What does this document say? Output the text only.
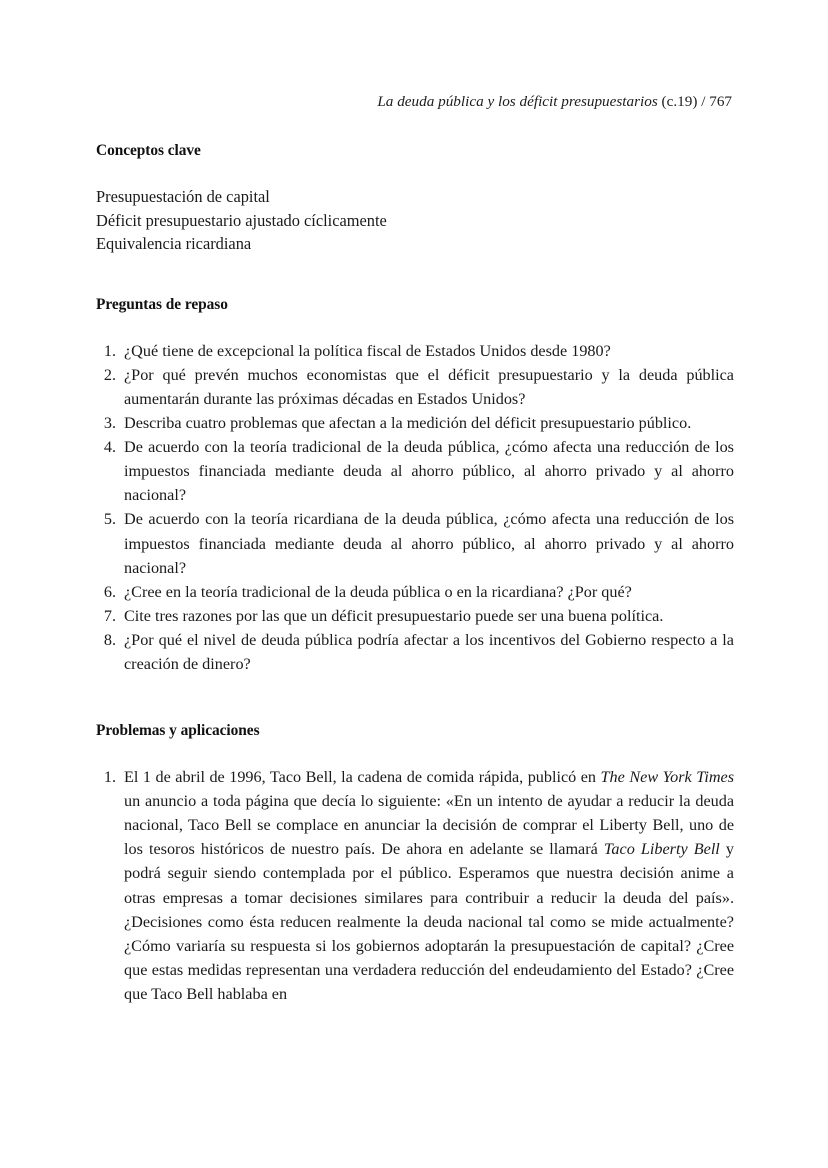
La deuda pública y los déficit presupuestarios (c.19) / 767
Conceptos clave
Presupuestación de capital
Déficit presupuestario ajustado cíclicamente
Equivalencia ricardiana
Preguntas de repaso
1. ¿Qué tiene de excepcional la política fiscal de Estados Unidos desde 1980?
2. ¿Por qué prevén muchos economistas que el déficit presupuestario y la deuda pública aumentarán durante las próximas décadas en Estados Unidos?
3. Describa cuatro problemas que afectan a la medición del déficit presupuestario público.
4. De acuerdo con la teoría tradicional de la deuda pública, ¿cómo afecta una reducción de los impuestos financiada mediante deuda al ahorro público, al ahorro privado y al ahorro nacional?
5. De acuerdo con la teoría ricardiana de la deuda pública, ¿cómo afecta una reducción de los impuestos financiada mediante deuda al ahorro público, al ahorro privado y al ahorro nacional?
6. ¿Cree en la teoría tradicional de la deuda pública o en la ricardiana? ¿Por qué?
7. Cite tres razones por las que un déficit presupuestario puede ser una buena política.
8. ¿Por qué el nivel de deuda pública podría afectar a los incentivos del Gobierno respecto a la creación de dinero?
Problemas y aplicaciones
1. El 1 de abril de 1996, Taco Bell, la cadena de comida rápida, publicó en The New York Times un anuncio a toda página que decía lo siguiente: «En un intento de ayudar a reducir la deuda nacional, Taco Bell se complace en anunciar la decisión de comprar el Liberty Bell, uno de los tesoros históricos de nuestro país. De ahora en adelante se llamará Taco Liberty Bell y podrá seguir siendo contemplada por el público. Esperamos que nuestra decisión anime a otras empresas a tomar decisiones similares para contribuir a reducir la deuda del país». ¿Decisiones como ésta reducen realmente la deuda nacional tal como se mide actualmente? ¿Cómo variaría su respuesta si los gobiernos adoptarán la presupuestación de capital? ¿Cree que estas medidas representan una verdadera reducción del endeudamiento del Estado? ¿Cree que Taco Bell hablaba en
